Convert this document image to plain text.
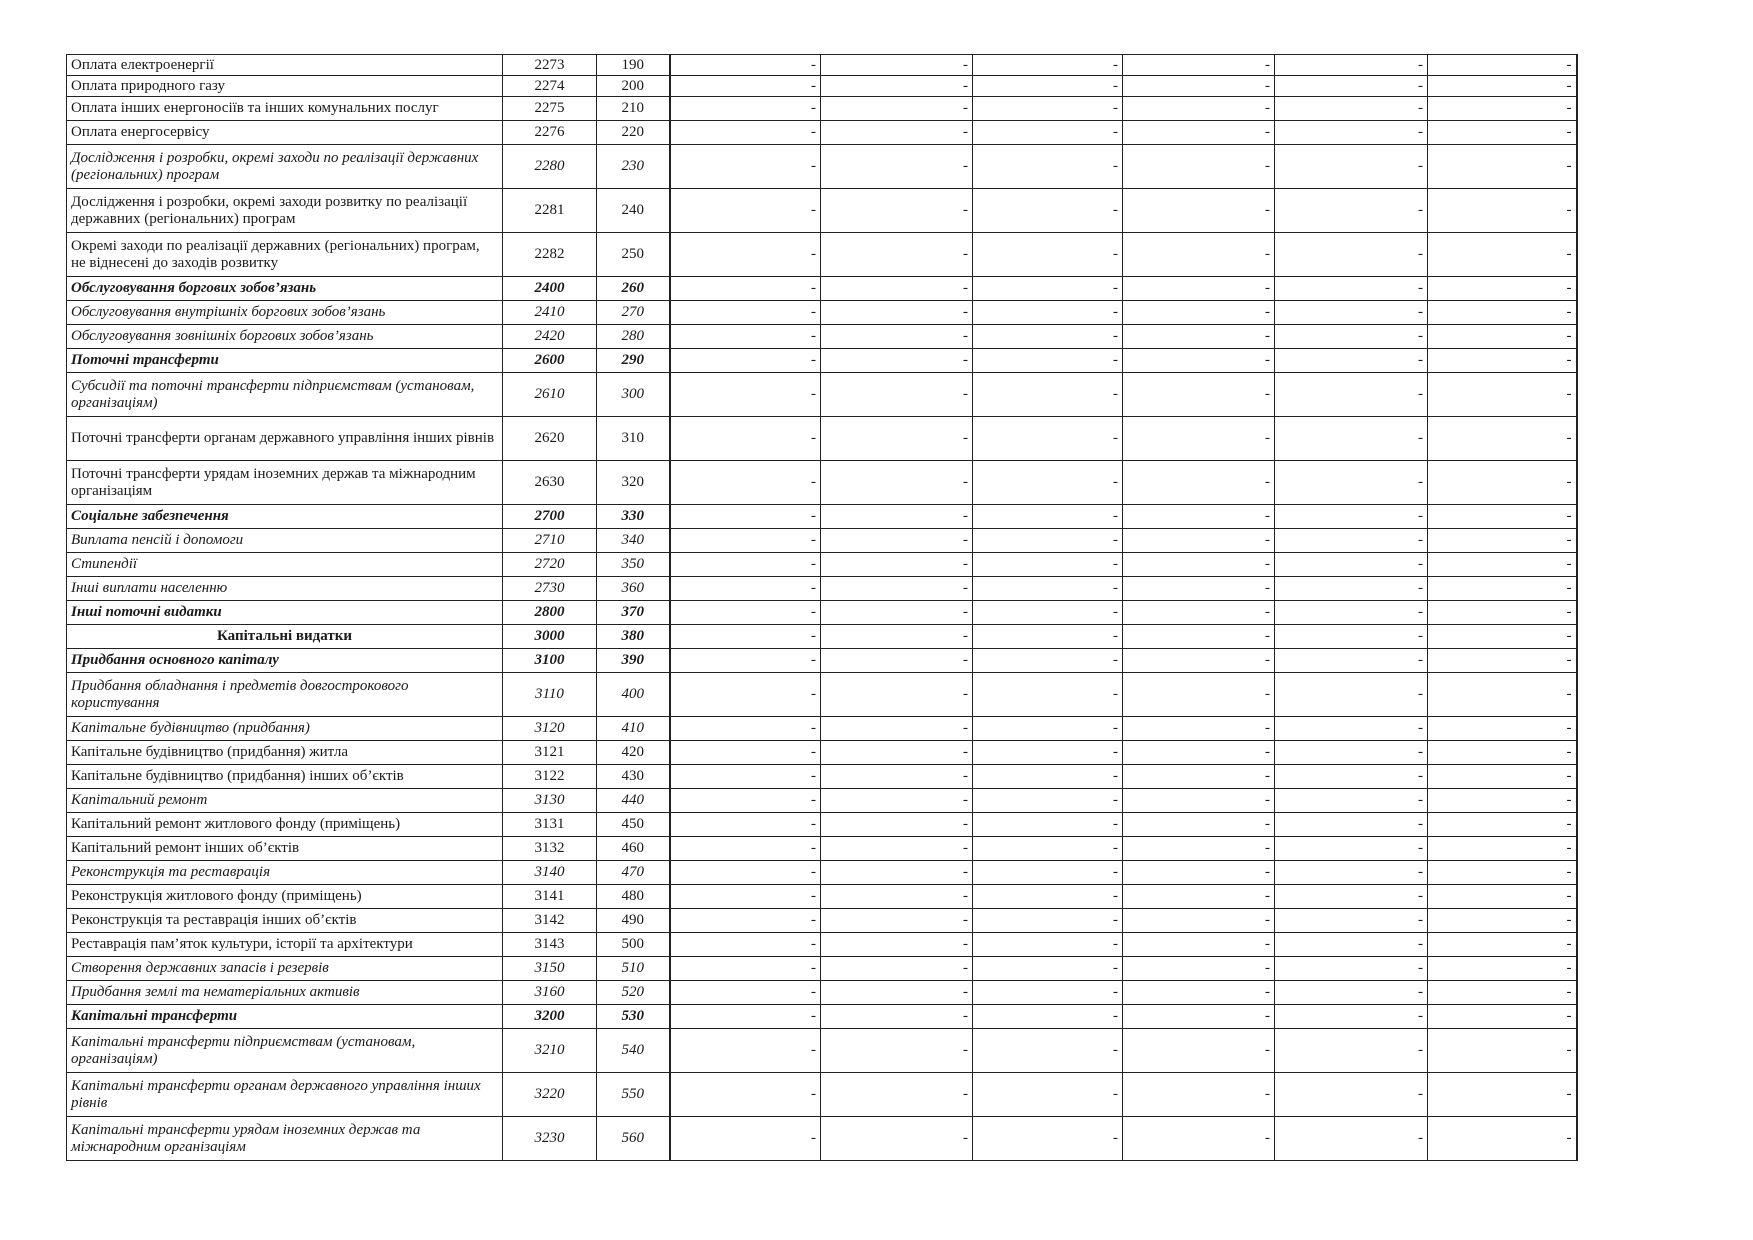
Оплата електроенергії	2273	190	-	-	-	-	-	-
Оплата природного газу	2274	200	-	-	-	-	-	-
Оплата інших енергоносіїв та інших комунальних послуг	2275	210	-	-	-	-	-	-
Оплата енергосервісу	2276	220	-	-	-	-	-	-
Дослідження і розробки, окремі заходи по реалізації державних (регіональних) програм	2280	230	-	-	-	-	-	-
Дослідження і розробки, окремі заходи розвитку по реалізації державних (регіональних) програм	2281	240	-	-	-	-	-	-
Окремі заходи по реалізації державних (регіональних) програм, не віднесені до заходів розвитку	2282	250	-	-	-	-	-	-
Обслуговування боргових зобов’язань	2400	260	-	-	-	-	-	-
Обслуговування внутрішніх боргових зобов’язань	2410	270	-	-	-	-	-	-
Обслуговування зовнішніх боргових зобов’язань	2420	280	-	-	-	-	-	-
Поточні трансферти	2600	290	-	-	-	-	-	-
Субсидії та поточні трансферти підприємствам (установам, організаціям)	2610	300	-	-	-	-	-	-
Поточні трансферти органам державного управління інших рівнів	2620	310	-	-	-	-	-	-
Поточні трансферти урядам іноземних держав та міжнародним організаціям	2630	320	-	-	-	-	-	-
Соціальне забезпечення	2700	330	-	-	-	-	-	-
Виплата пенсій і допомоги	2710	340	-	-	-	-	-	-
Стипендії	2720	350	-	-	-	-	-	-
Інші виплати населенню	2730	360	-	-	-	-	-	-
Інші поточні видатки	2800	370	-	-	-	-	-	-
Капітальні видатки	3000	380	-	-	-	-	-	-
Придбання основного капіталу	3100	390	-	-	-	-	-	-
Придбання обладнання і предметів довгострокового користування	3110	400	-	-	-	-	-	-
Капітальне будівництво (придбання)	3120	410	-	-	-	-	-	-
Капітальне будівництво (придбання) житла	3121	420	-	-	-	-	-	-
Капітальне будівництво (придбання) інших об’єктів	3122	430	-	-	-	-	-	-
Капітальний ремонт	3130	440	-	-	-	-	-	-
Капітальний ремонт житлового фонду (приміщень)	3131	450	-	-	-	-	-	-
Капітальний ремонт інших об’єктів	3132	460	-	-	-	-	-	-
Реконструкція та реставрація	3140	470	-	-	-	-	-	-
Реконструкція житлового фонду (приміщень)	3141	480	-	-	-	-	-	-
Реконструкція та реставрація інших об’єктів	3142	490	-	-	-	-	-	-
Реставрація пам’яток культури, історії та архітектури	3143	500	-	-	-	-	-	-
Створення державних запасів і резервів	3150	510	-	-	-	-	-	-
Придбання землі та нематеріальних активів	3160	520	-	-	-	-	-	-
Капітальні трансферти	3200	530	-	-	-	-	-	-
Капітальні трансферти підприємствам (установам, організаціям)	3210	540	-	-	-	-	-	-
Капітальні трансферти органам державного управління інших рівнів	3220	550	-	-	-	-	-	-
Капітальні трансферти урядам іноземних держав та міжнародним організаціям	3230	560	-	-	-	-	-	-
